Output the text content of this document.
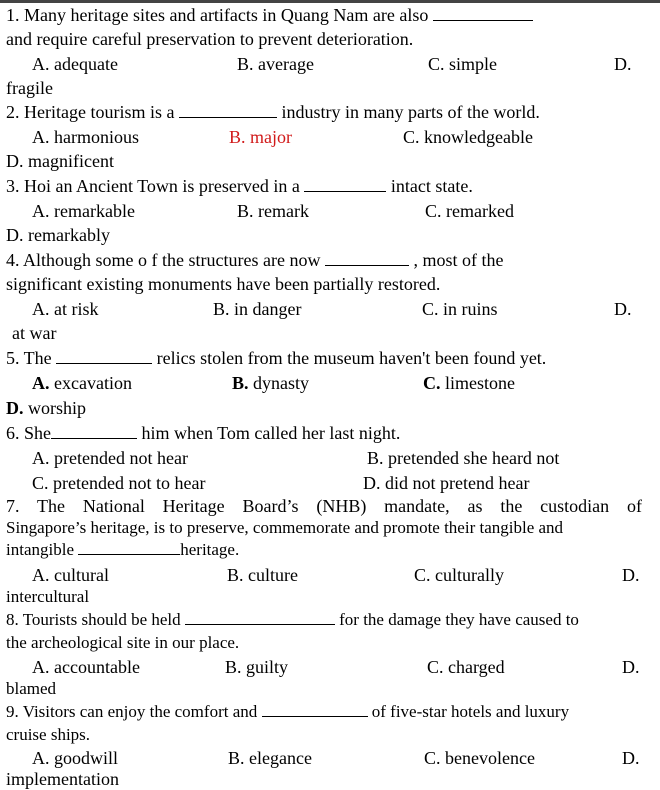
1. Many heritage sites and artifacts in Quang Nam are also
and require careful preservation to prevent deterioration.
A. adequate	B. average	C. simple	D.
fragile
2. Heritage tourism is a	industry in many parts of the world.
A. harmonious	B. major	C. knowledgeable
D. magnificent
3. Hoi an Ancient Town is preserved in a	intact state.
A. remarkable	B. remark	C. remarked
D. remarkably
4. Although some o f the structures are now	, most of the
significant existing monuments have been partially restored.
A. at risk	B. in danger	C. in ruins	D.
at war
5. The	relics stolen from the museum haven't been found yet.
A. excavation	B. dynasty	C. limestone
D. worship
6. She	him when Tom called her last night.
A. pretended not hear	B. pretended she heard not
C. pretended not to hear	D. did not pretend hear
7. The National Heritage Board’s (NHB) mandate, as the custodian of
Singapore’s heritage, is to preserve, commemorate and promote their tangible and
intangible	heritage.
A. cultural	B. culture	C. culturally	D.
intercultural
8. Tourists should be held	for the damage they have caused to
the archeological site in our place.
A. accountable	B. guilty	C. charged	D.
blamed
9. Visitors can enjoy the comfort and	of five-star hotels and luxury
cruise ships.
A. goodwill	B. elegance	C. benevolence	D.
implementation
